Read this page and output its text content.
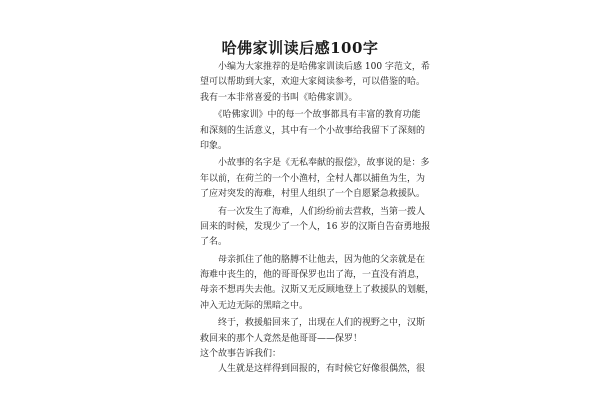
哈佛家训读后感100字
　　小编为大家推荐的是哈佛家训读后感 100 字范文，希
望可以帮助到大家，欢迎大家阅读参考，可以借鉴的哈。
我有一本非常喜爱的书叫《哈佛家训》。
　　《哈佛家训》中的每一个故事都具有丰富的教育功能
和深刻的生活意义，其中有一个小故事给我留下了深刻的
印象。
　　小故事的名字是《无私奉献的报偿》，故事说的是：多
年以前，在荷兰的一个小渔村，全村人都以捕鱼为生，为
了应对突发的海难，村里人组织了一个自愿紧急救援队。
　　有一次发生了海难，人们纷纷前去营救，当第一拨人
回来的时候，发现少了一个人，16 岁的汉斯自告奋勇地报
了名。
　　母亲抓住了他的胳膊不让他去，因为他的父亲就是在
海难中丧生的，他的哥哥保罗也出了海，一直没有消息，
母亲不想再失去他。汉斯又无反顾地登上了救援队的划艇，
冲入无边无际的黑暗之中。
　　终于，救援船回来了，出现在人们的视野之中，汉斯
救回来的那个人竟然是他哥哥——保罗！
这个故事告诉我们：
　　人生就是这样得到回报的，有时候它好像很偶然，很
